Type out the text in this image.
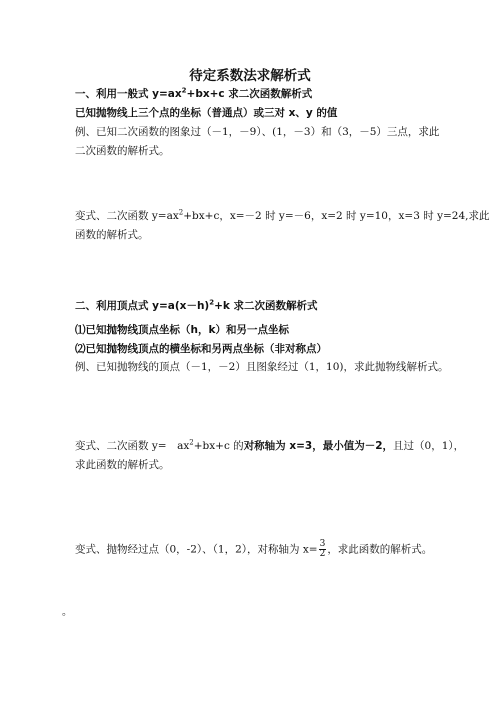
待定系数法求解析式
一、利用一般式 $y=ax^2+bx+c$ 求二次函数解析式
已知抛物线上三个点的坐标（普通点）或三对 x、y 的值
例、已知二次函数的图象过（－1，－9）、(1，－3）和（3，－5）三点，求此
二次函数的解析式。
变式、二次函数 $y=ax^2+bx+c$，x=－2 时 y=－6，x=2 时 y=10，x=3 时 y=24,求此
函数的解析式。
二、利用顶点式 $y=a(x-h)^2+k$ 求二次函数解析式
⑴已知抛物线顶点坐标（h，k）和另一点坐标
⑵已知抛物线顶点的横坐标和另两点坐标（非对称点）
例、已知抛物线的顶点（－1，－2）且图象经过（1，10)，求此抛物线解析式。
变式、二次函数 y=　$ax^2+bx+c$ 的对称轴为 x=3，最小值为－2，且过（0，1），
求此函数的解析式。
变式、抛物经过点（0，-2）、（1，2），对称轴为 $x= \frac{3}{2}$ ，求此函数的解析式。
。
